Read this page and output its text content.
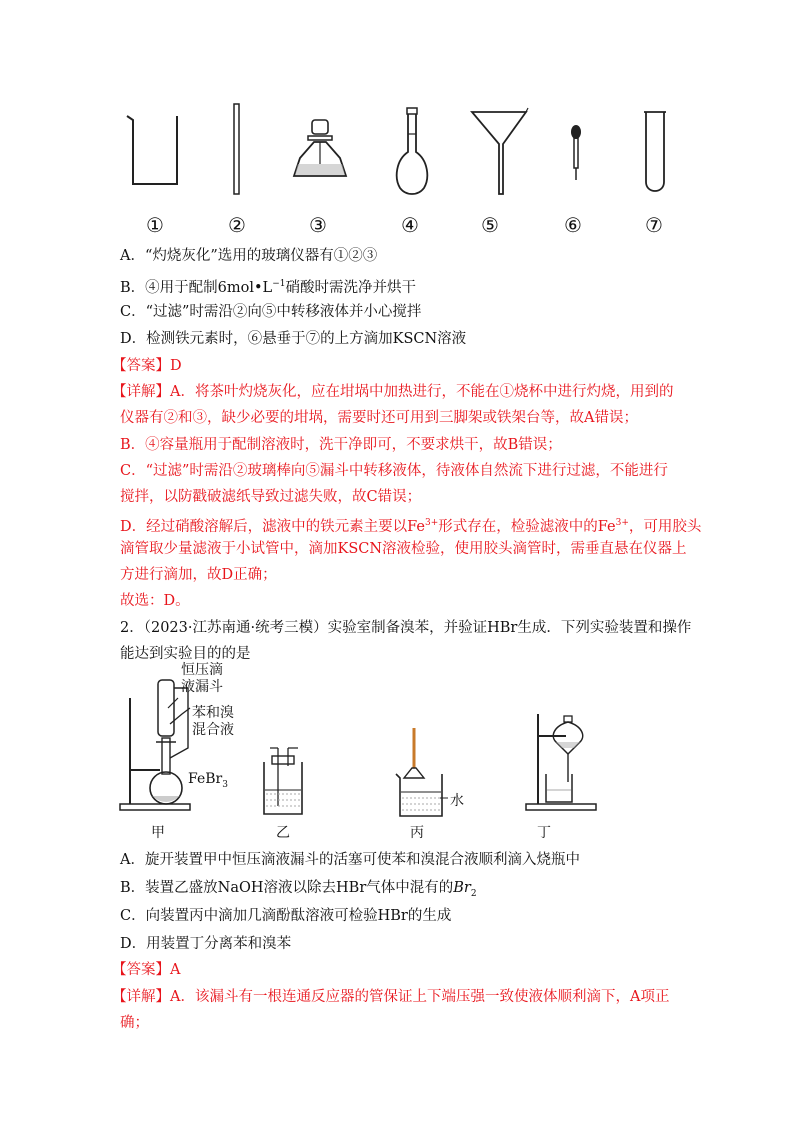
①	②	③	④	⑤	⑥	⑦
A．“灼烧灰化”选用的玻璃仪器有①②③
B．④用于配制$6mol•L^{-1}$硝酸时需洗净并烘干
C．“过滤”时需沿②向⑤中转移液体并小心搅拌
D．检测铁元素时，⑥悬垂于⑦的上方滴加KSCN溶液
【答案】D
【详解】A．将茶叶灼烧灰化，应在坩埚中加热进行，不能在①烧杯中进行灼烧，用到的
仪器有②和③，缺少必要的坩埚，需要时还可用到三脚架或铁架台等，故A错误；
B．④容量瓶用于配制溶液时，洗干净即可，不要求烘干，故B错误；
C．“过滤”时需沿②玻璃棒向⑤漏斗中转移液体，待液体自然流下进行过滤，不能进行
搅拌，以防戳破滤纸导致过滤失败，故C错误；
D．经过硝酸溶解后，滤液中的铁元素主要以$Fe^{3+}$形式存在，检验滤液中的$Fe^{3+}$，可用胶头
滴管取少量滤液于小试管中，滴加KSCN溶液检验，使用胶头滴管时，需垂直悬在仪器上
方进行滴加，故D正确；
故选：D。
2．（2023·江苏南通·统考三模）实验室制备溴苯，并验证HBr生成．下列实验装置和操作
能达到实验目的的是
恒压滴
液漏斗
苯和溴
混合液
FeBr$_3$
水
甲	乙	丙	丁
A．旋开装置甲中恒压滴液漏斗的活塞可使苯和溴混合液顺利滴入烧瓶中
B．装置乙盛放NaOH溶液以除去HBr气体中混有的$Br_2$
C．向装置丙中滴加几滴酚酞溶液可检验HBr的生成
D．用装置丁分离苯和溴苯
【答案】A
【详解】A．该漏斗有一根连通反应器的管保证上下端压强一致使液体顺利滴下，A项正
确；
